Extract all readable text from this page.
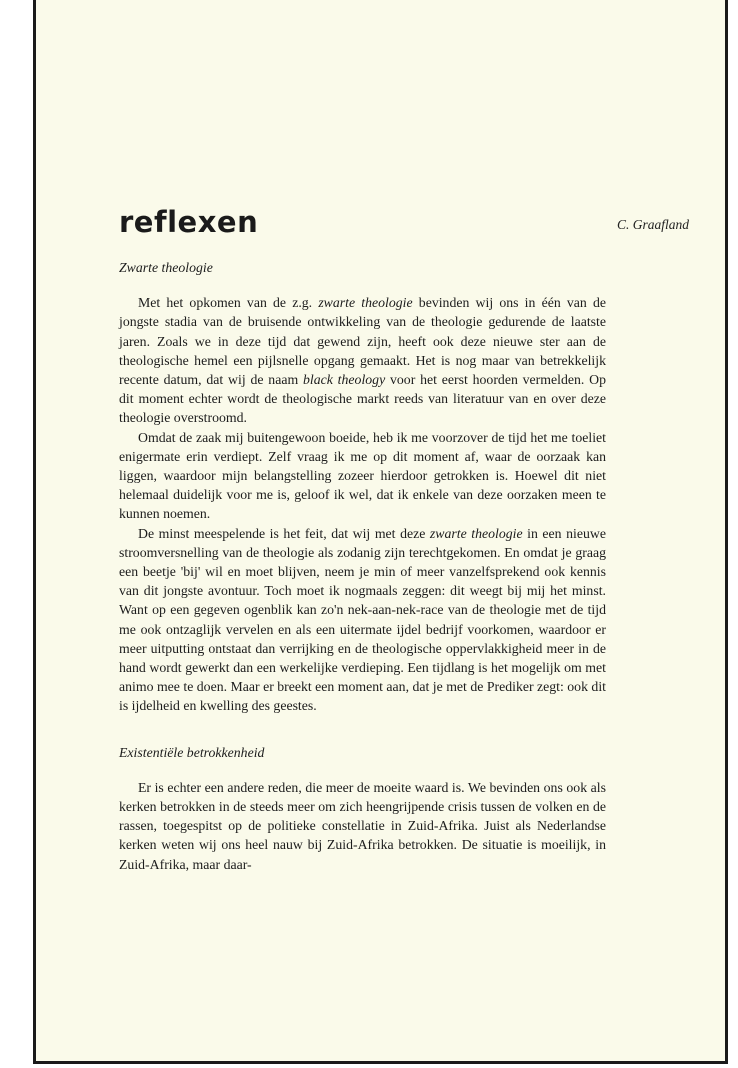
reflexen	C. Graafland
Zwarte theologie

Met het opkomen van de z.g. zwarte theologie bevinden wij ons in één van de jongste stadia van de bruisende ontwikkeling van de theologie gedurende de laatste jaren. Zoals we in deze tijd dat gewend zijn, heeft ook deze nieuwe ster aan de theologische hemel een pijlsnelle opgang gemaakt. Het is nog maar van betrekkelijk recente datum, dat wij de naam black theology voor het eerst hoorden vermelden. Op dit moment echter wordt de theologische markt reeds van literatuur van en over deze theologie overstroomd.

Omdat de zaak mij buitengewoon boeide, heb ik me voorzover de tijd het me toeliet enigermate erin verdiept. Zelf vraag ik me op dit moment af, waar de oorzaak kan liggen, waardoor mijn belangstelling zozeer hierdoor getrokken is. Hoewel dit niet helemaal duidelijk voor me is, geloof ik wel, dat ik enkele van deze oorzaken meen te kunnen noemen.

De minst meespelende is het feit, dat wij met deze zwarte theologie in een nieuwe stroomversnelling van de theologie als zodanig zijn terechtgekomen. En omdat je graag een beetje 'bij' wil en moet blijven, neem je min of meer vanzelfsprekend ook kennis van dit jongste avontuur. Toch moet ik nogmaals zeggen: dit weegt bij mij het minst. Want op een gegeven ogenblik kan zo'n nek-aan-nek-race van de theologie met de tijd me ook ontzaglijk vervelen en als een uitermate ijdel bedrijf voorkomen, waardoor er meer uitputting ontstaat dan verrijking en de theologische oppervlakkigheid meer in de hand wordt gewerkt dan een werkelijke verdieping. Een tijdlang is het mogelijk om met animo mee te doen. Maar er breekt een moment aan, dat je met de Prediker zegt: ook dit is ijdelheid en kwelling des geestes.

Existentiële betrokkenheid

Er is echter een andere reden, die meer de moeite waard is. We bevinden ons ook als kerken betrokken in de steeds meer om zich heengrijpende crisis tussen de volken en de rassen, toegespitst op de politieke constellatie in Zuid-Afrika. Juist als Nederlandse kerken weten wij ons heel nauw bij Zuid-Afrika betrokken. De situatie is moeilijk, in Zuid-Afrika, maar daar-
